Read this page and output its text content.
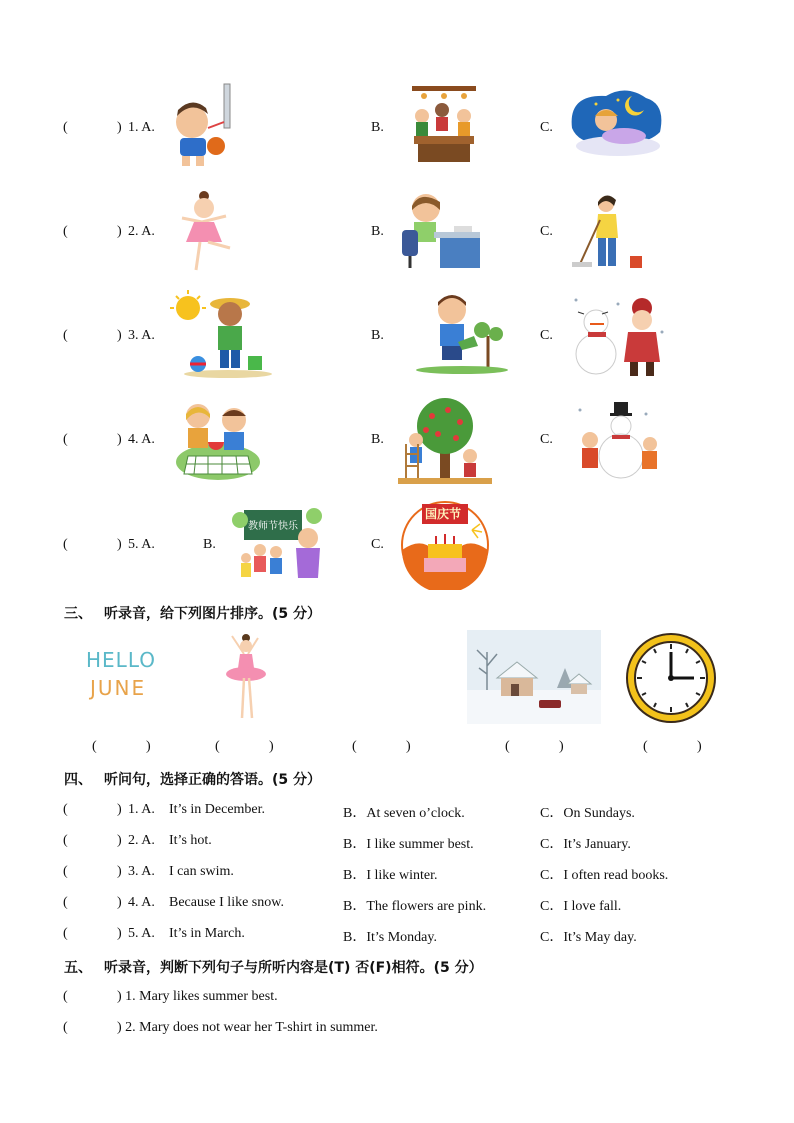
(	) 1. A.	B.	C.
(	) 2. A.	B.	C.
(	) 3. A.	B.	C.
(	) 4. A.	B.	C.
(	) 5. A.	B.	C.
教师节快乐
国庆节
三、 听录音，给下列图片排序。(5 分）
HELLO
JUNE
(	)	(	)	(	)	(	)	(	)
四、 听问句，选择正确的答语。(5 分）
(	) 1. A. It’s in December.	B．At seven o’clock.	C．On Sundays.
(	) 2. A. It’s hot.	B．I like summer best.	C．It’s January.
(	) 3. A. I can swim.	B．I like winter.	C．I often read books.
(	) 4. A. Because I like snow.	B．The flowers are pink.	C．I love fall.
(	) 5. A. It’s in March.	B．It’s Monday.	C．It’s May day.
五、 听录音，判断下列句子与所听内容是(T) 否(F)相符。(5 分）
(	) 1. Mary likes summer best.
(	) 2. Mary does not wear her T-shirt in summer.
